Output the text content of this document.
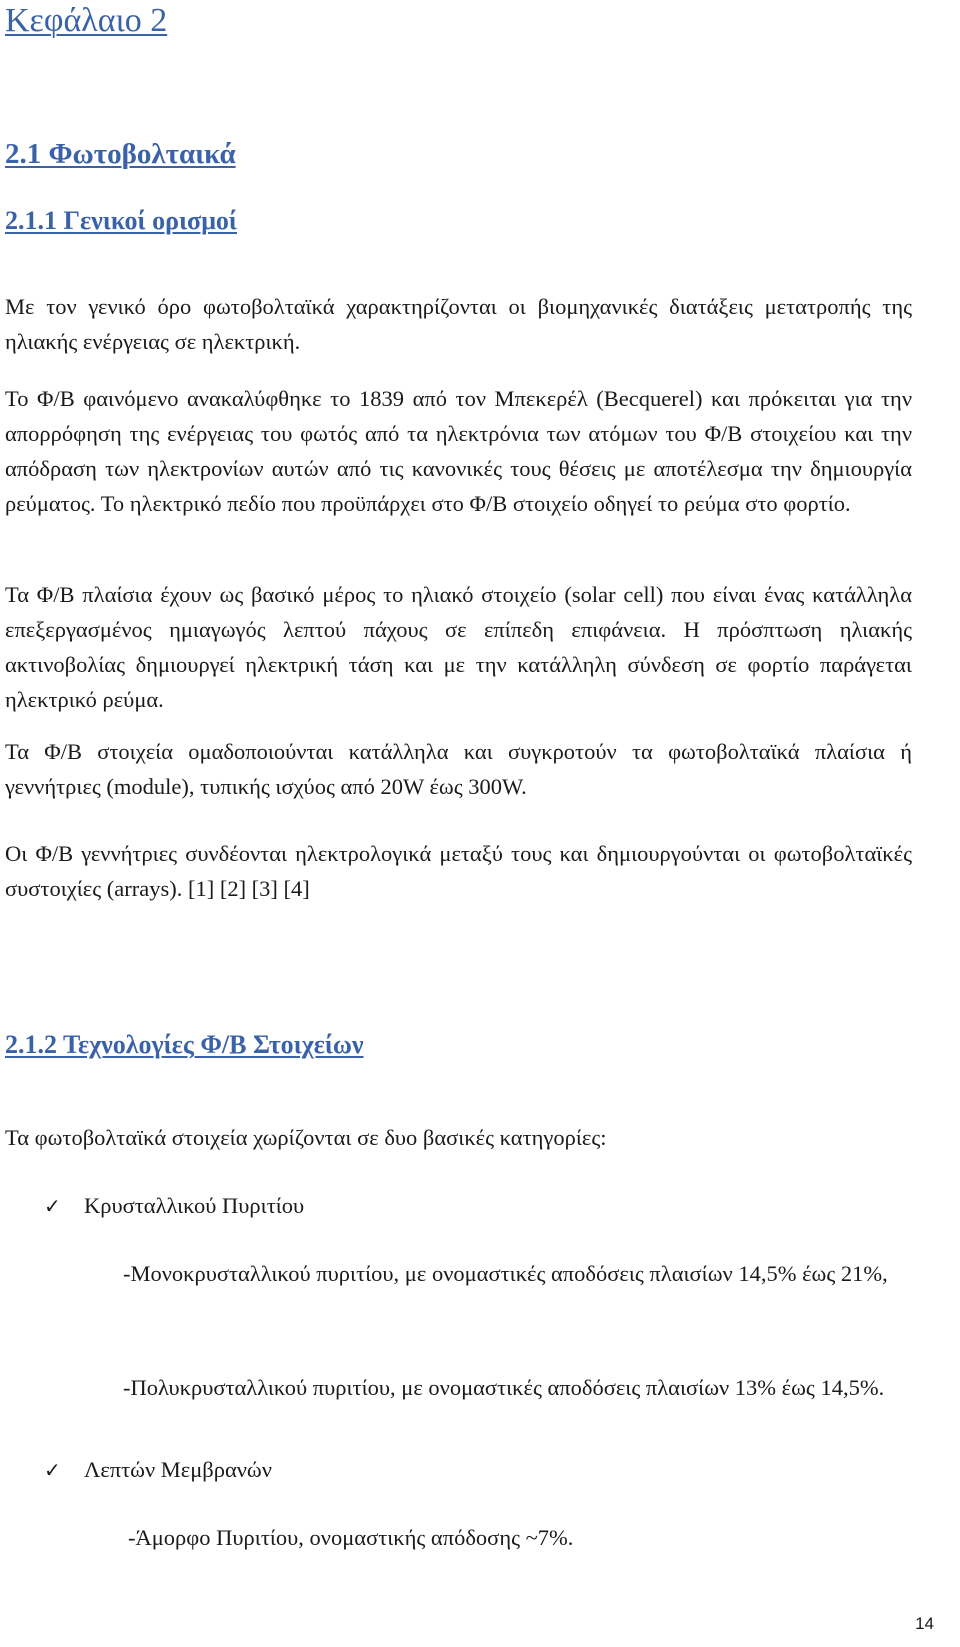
Κεφάλαιο 2
2.1 Φωτοβολταικά
2.1.1 Γενικοί ορισμοί

Με τον γενικό όρο φωτοβολταϊκά χαρακτηρίζονται οι βιομηχανικές διατάξεις μετατροπής της ηλιακής ενέργειας σε ηλεκτρική.

Το Φ/Β φαινόμενο ανακαλύφθηκε το 1839 από τον Μπεκερέλ (Becquerel) και πρόκειται για την απορρόφηση της ενέργειας του φωτός από τα ηλεκτρόνια των ατόμων του Φ/Β στοιχείου και την απόδραση των ηλεκτρονίων αυτών από τις κανονικές τους θέσεις με αποτέλεσμα την δημιουργία ρεύματος. Το ηλεκτρικό πεδίο που προϋπάρχει στο Φ/Β στοιχείο οδηγεί το ρεύμα στο φορτίο.

Τα Φ/Β πλαίσια έχουν ως βασικό μέρος το ηλιακό στοιχείο (solar cell) που είναι ένας κατάλληλα επεξεργασμένος ημιαγωγός λεπτού πάχους σε επίπεδη επιφάνεια. Η πρόσπτωση ηλιακής ακτινοβολίας δημιουργεί ηλεκτρική τάση και με την κατάλληλη σύνδεση σε φορτίο παράγεται ηλεκτρικό ρεύμα.

Τα Φ/Β στοιχεία ομαδοποιούνται κατάλληλα και συγκροτούν τα φωτοβολταϊκά πλαίσια ή γεννήτριες (module), τυπικής ισχύος από 20W έως 300W.

Οι Φ/Β γεννήτριες συνδέονται ηλεκτρολογικά μεταξύ τους και δημιουργούνται οι φωτοβολταϊκές συστοιχίες (arrays). [1] [2] [3] [4]

2.1.2 Τεχνολογίες Φ/Β Στοιχείων

Τα φωτοβολταϊκά στοιχεία χωρίζονται σε δυο βασικές κατηγορίες:

✓ Κρυσταλλικού Πυριτίου

-Μονοκρυσταλλικού πυριτίου, με ονομαστικές αποδόσεις πλαισίων 14,5% έως 21%,

-Πολυκρυσταλλικού πυριτίου, με ονομαστικές αποδόσεις πλαισίων 13% έως 14,5%.

✓ Λεπτών Μεμβρανών

-Άμορφο Πυριτίου, ονομαστικής απόδοσης ~7%.

14
